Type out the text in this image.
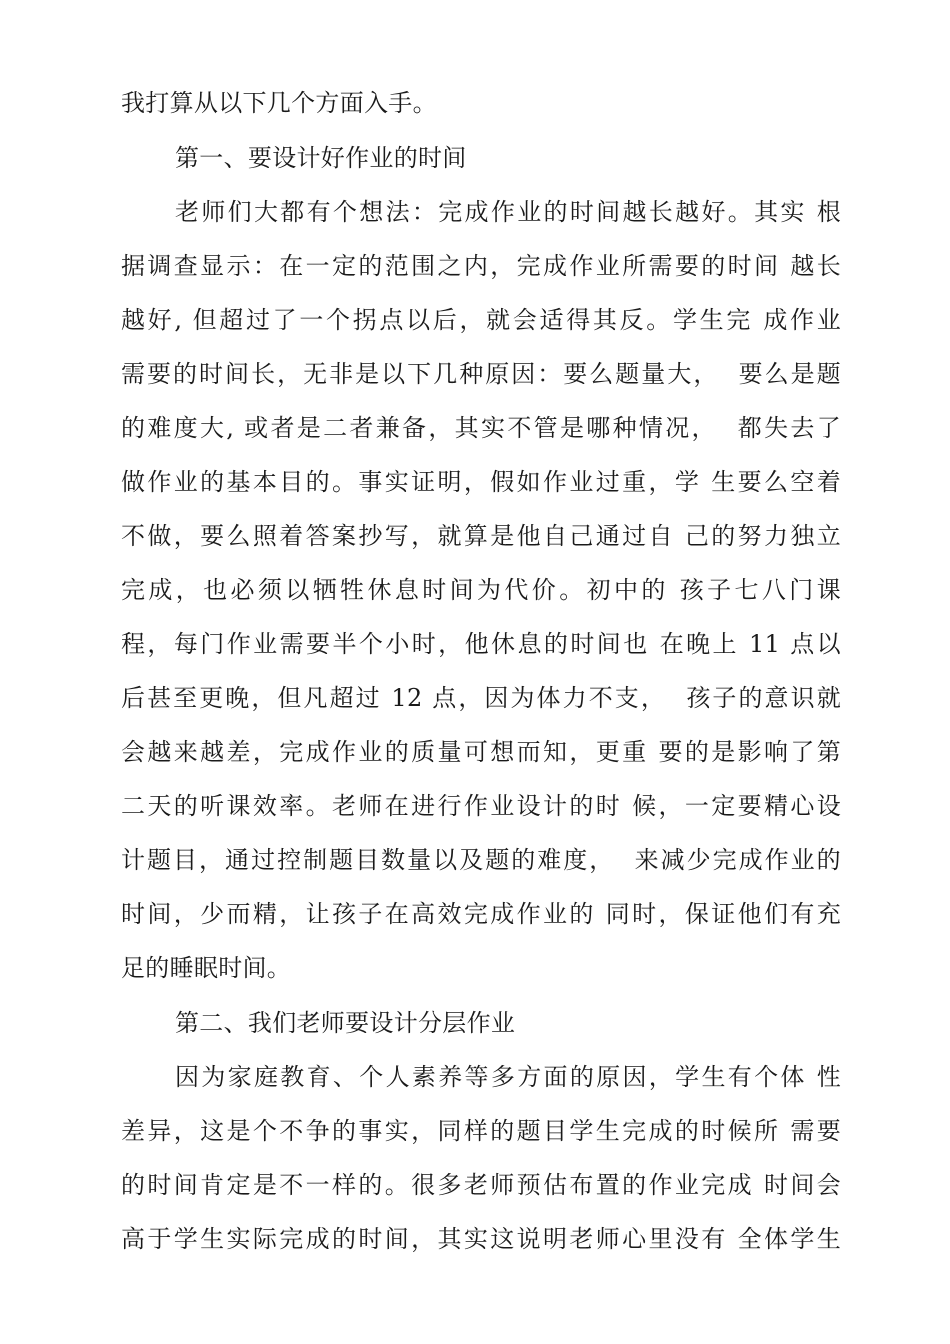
我打算从以下几个方面入手。
第一、要设计好作业的时间
老师们大都有个想法：完成作业的时间越长越好。其实 根
据调查显示：在一定的范围之内，完成作业所需要的时间 越长
越好, 但超过了一个拐点以后，就会适得其反。学生完 成作业
需要的时间长，无非是以下几种原因：要么题量大，  要么是题
的难度大, 或者是二者兼备，其实不管是哪种情况，  都失去了
做作业的基本目的。事实证明，假如作业过重，学 生要么空着
不做，要么照着答案抄写，就算是他自己通过自 己的努力独立
完成，也必须以牺牲休息时间为代价。初中的 孩子七八门课
程，每门作业需要半个小时，他休息的时间也 在晚上 11 点以
后甚至更晚，但凡超过 12 点，因为体力不支，  孩子的意识就
会越来越差，完成作业的质量可想而知，更重 要的是影响了第
二天的听课效率。老师在进行作业设计的时 候，一定要精心设
计题目，通过控制题目数量以及题的难度，  来减少完成作业的
时间，少而精，让孩子在高效完成作业的 同时，保证他们有充
足的睡眠时间。
第二、我们老师要设计分层作业
因为家庭教育、个人素养等多方面的原因，学生有个体 性
差异，这是个不争的事实，同样的题目学生完成的时候所 需要
的时间肯定是不一样的。很多老师预估布置的作业完成 时间会
高于学生实际完成的时间，其实这说明老师心里没有 全体学生
